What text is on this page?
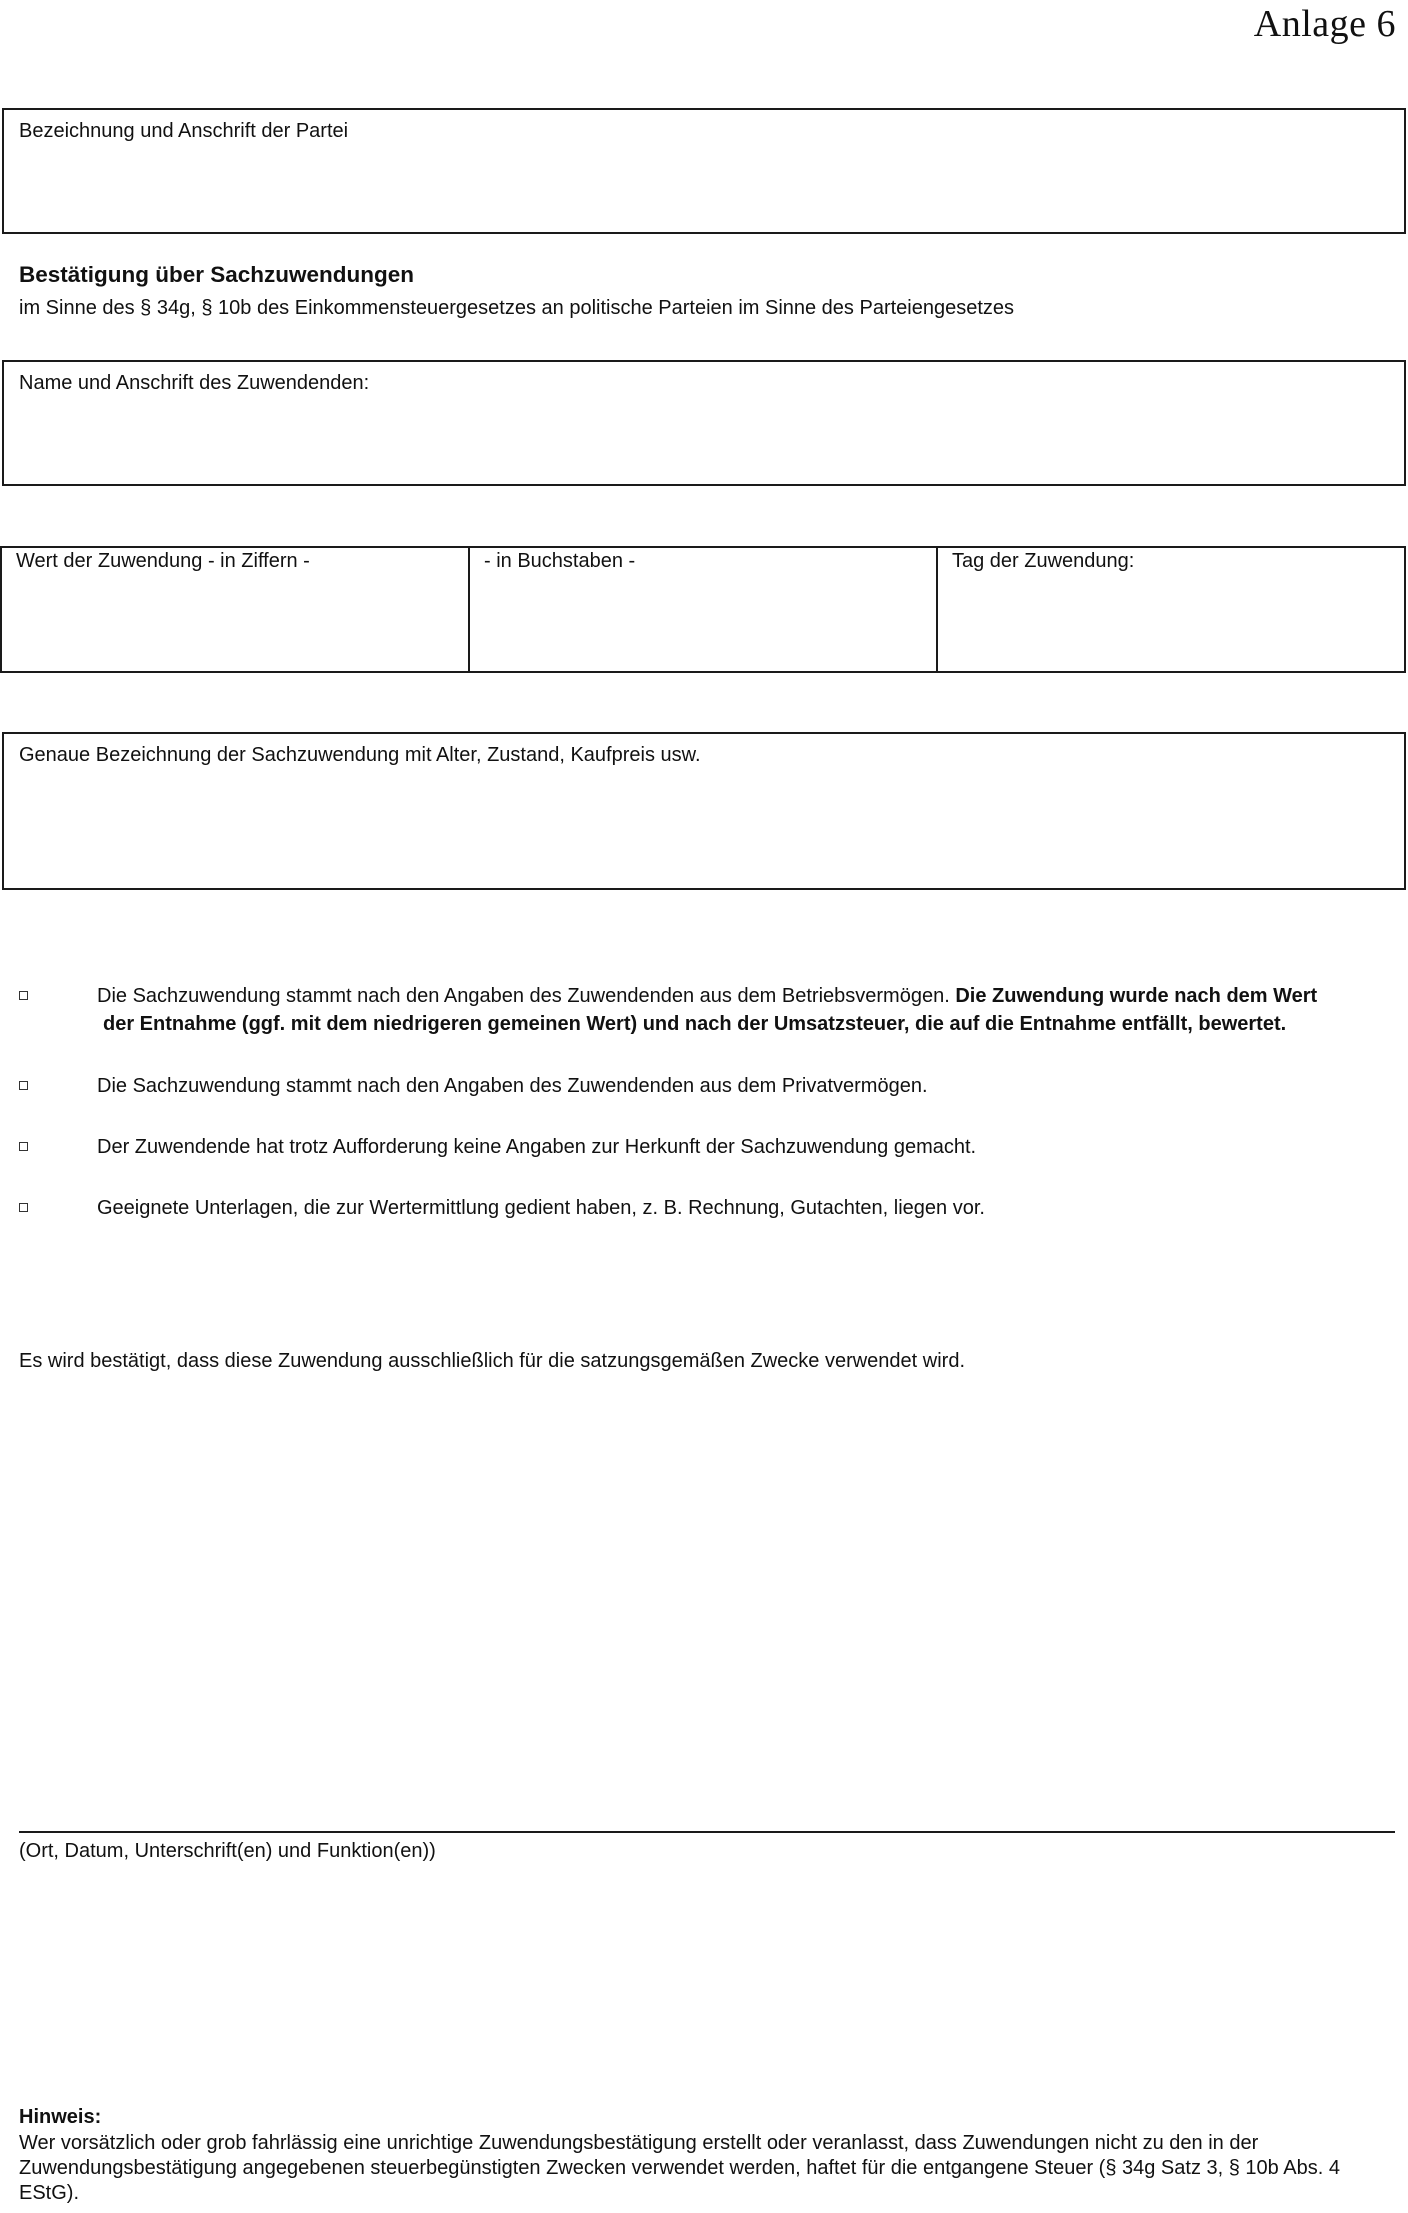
Anlage 6
Bezeichnung und Anschrift der Partei
Bestätigung über Sachzuwendungen
im Sinne des § 34g, § 10b des Einkommensteuergesetzes an politische Parteien im Sinne des Parteiengesetzes
Name und Anschrift des Zuwendenden:
Wert der Zuwendung - in Ziffern -	- in Buchstaben -	Tag der Zuwendung:
Genaue Bezeichnung der Sachzuwendung mit Alter, Zustand, Kaufpreis usw.
Die Sachzuwendung stammt nach den Angaben des Zuwendenden aus dem Betriebsvermögen. Die Zuwendung wurde nach dem Wert
der Entnahme (ggf. mit dem niedrigeren gemeinen Wert) und nach der Umsatzsteuer, die auf die Entnahme entfällt, bewertet.
Die Sachzuwendung stammt nach den Angaben des Zuwendenden aus dem Privatvermögen.
Der Zuwendende hat trotz Aufforderung keine Angaben zur Herkunft der Sachzuwendung gemacht.
Geeignete Unterlagen, die zur Wertermittlung gedient haben, z. B. Rechnung, Gutachten, liegen vor.
Es wird bestätigt, dass diese Zuwendung ausschließlich für die satzungsgemäßen Zwecke verwendet wird.
(Ort, Datum, Unterschrift(en) und Funktion(en))
Hinweis:
Wer vorsätzlich oder grob fahrlässig eine unrichtige Zuwendungsbestätigung erstellt oder veranlasst, dass Zuwendungen nicht zu den in der Zuwendungsbestätigung angegebenen steuerbegünstigten Zwecken verwendet werden, haftet für die entgangene Steuer (§ 34g Satz 3, § 10b Abs. 4 EStG).
